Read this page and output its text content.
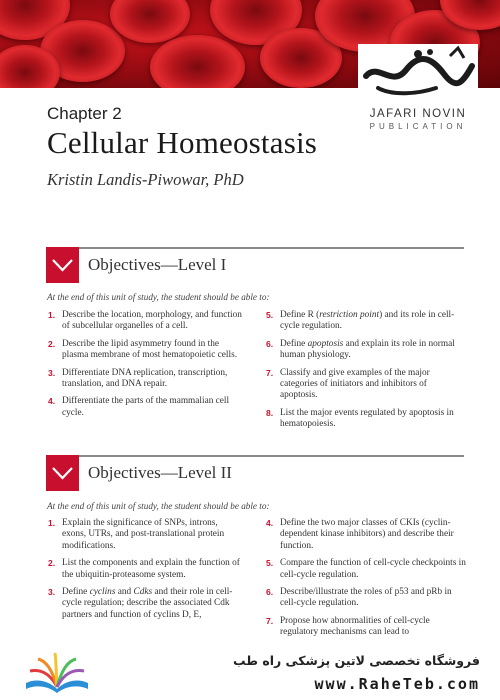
JAFARI NOVIN
PUBLICATION
Chapter 2
Cellular Homeostasis
Kristin Landis-Piwowar, PhD
Objectives—Level I
At the end of this unit of study, the student should be able to:
1. Describe the location, morphology, and function of subcellular organelles of a cell.
2. Describe the lipid asymmetry found in the plasma membrane of most hematopoietic cells.
3. Differentiate DNA replication, transcription, translation, and DNA repair.
4. Differentiate the parts of the mammalian cell cycle.
5. Define R (restriction point) and its role in cell-cycle regulation.
6. Define apoptosis and explain its role in normal human physiology.
7. Classify and give examples of the major categories of initiators and inhibitors of apoptosis.
8. List the major events regulated by apoptosis in hematopoiesis.
Objectives—Level II
At the end of this unit of study, the student should be able to:
1. Explain the significance of SNPs, introns, exons, UTRs, and post-translational protein modifications.
2. List the components and explain the function of the ubiquitin-proteasome system.
3. Define cyclins and Cdks and their role in cell-cycle regulation; describe the associated Cdk partners and function of cyclins D, E,
4. Define the two major classes of CKIs (cyclin-dependent kinase inhibitors) and describe their function.
5. Compare the function of cell-cycle checkpoints in cell-cycle regulation.
6. Describe/illustrate the roles of p53 and pRb in cell-cycle regulation.
7. Propose how abnormalities of cell-cycle regulatory mechanisms can lead to
فروشگاه تخصصی لاتین پزشکی راه طب
www.RaheTeb.com
